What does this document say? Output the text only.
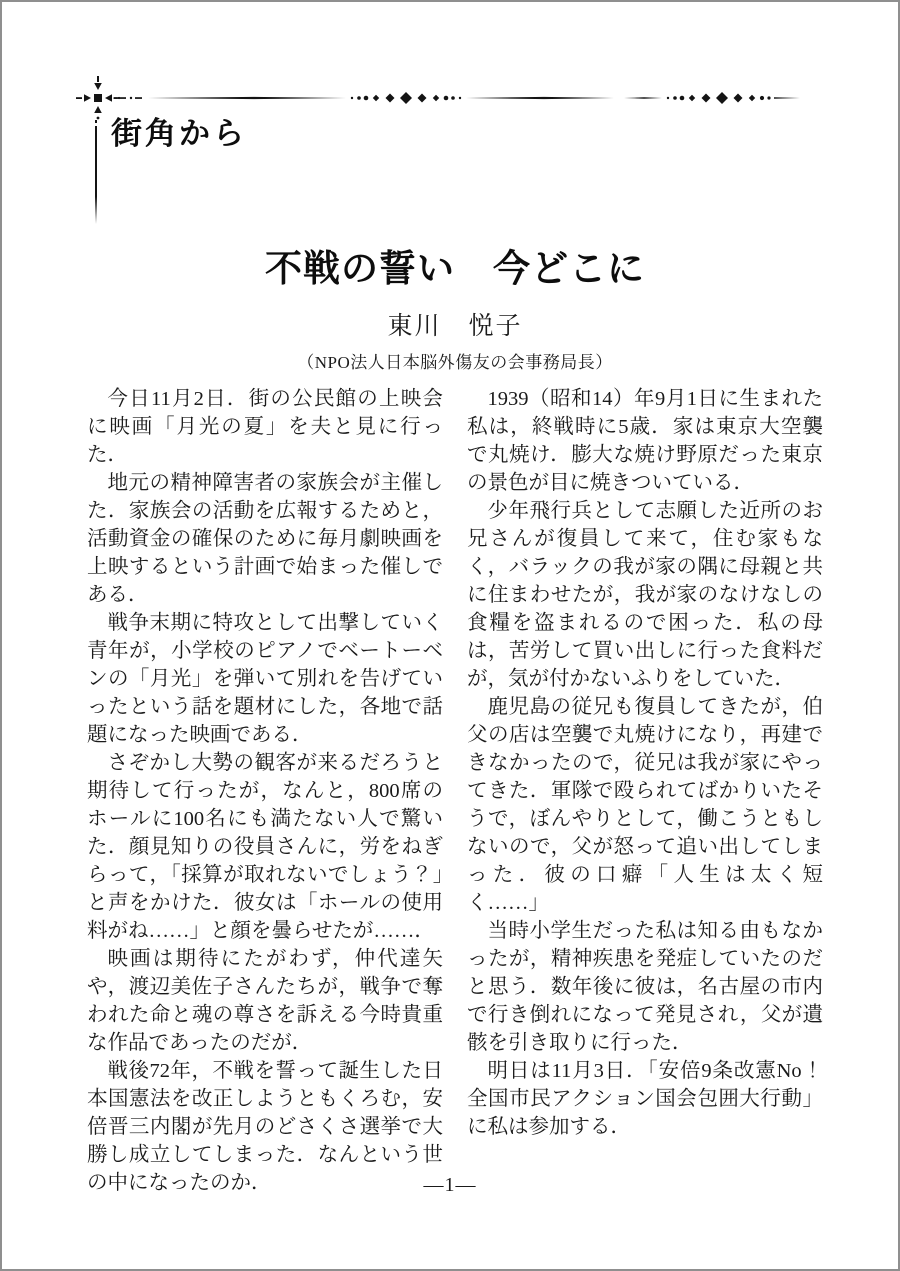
街角から
不戦の誓い　今どこに
東川　悦子
（NPO法人日本脳外傷友の会事務局長）

今日11月2日．街の公民館の上映会に映画「月光の夏」を夫と見に行った．

地元の精神障害者の家族会が主催した．家族会の活動を広報するためと，活動資金の確保のために毎月劇映画を上映するという計画で始まった催しである．

戦争末期に特攻として出撃していく青年が，小学校のピアノでベートーベンの「月光」を弾いて別れを告げていったという話を題材にした，各地で話題になった映画である．

さぞかし大勢の観客が来るだろうと期待して行ったが，なんと，800席のホールに100名にも満たない人で驚いた．顔見知りの役員さんに，労をねぎらって，「採算が取れないでしょう？」と声をかけた．彼女は「ホールの使用料がね……」と顔を曇らせたが……．

映画は期待にたがわず，仲代達矢や，渡辺美佐子さんたちが，戦争で奪われた命と魂の尊さを訴える今時貴重な作品であったのだが．

戦後72年，不戦を誓って誕生した日本国憲法を改正しようともくろむ，安倍晋三内閣が先月のどさくさ選挙で大勝し成立してしまった．なんという世の中になったのか．

1939（昭和14）年9月1日に生まれた私は，終戦時に5歳．家は東京大空襲で丸焼け．膨大な焼け野原だった東京の景色が目に焼きついている．

少年飛行兵として志願した近所のお兄さんが復員して来て，住む家もなく，バラックの我が家の隅に母親と共に住まわせたが，我が家のなけなしの食糧を盗まれるので困った．私の母は，苦労して買い出しに行った食料だが，気が付かないふりをしていた．

鹿児島の従兄も復員してきたが，伯父の店は空襲で丸焼けになり，再建できなかったので，従兄は我が家にやってきた．軍隊で殴られてばかりいたそうで，ぼんやりとして，働こうともしないので，父が怒って追い出してしまった．彼の口癖「人生は太く短く……」

当時小学生だった私は知る由もなかったが，精神疾患を発症していたのだと思う．数年後に彼は，名古屋の市内で行き倒れになって発見され，父が遺骸を引き取りに行った．

明日は11月3日．「安倍9条改憲No！　全国市民アクション国会包囲大行動」に私は参加する．

—1—
